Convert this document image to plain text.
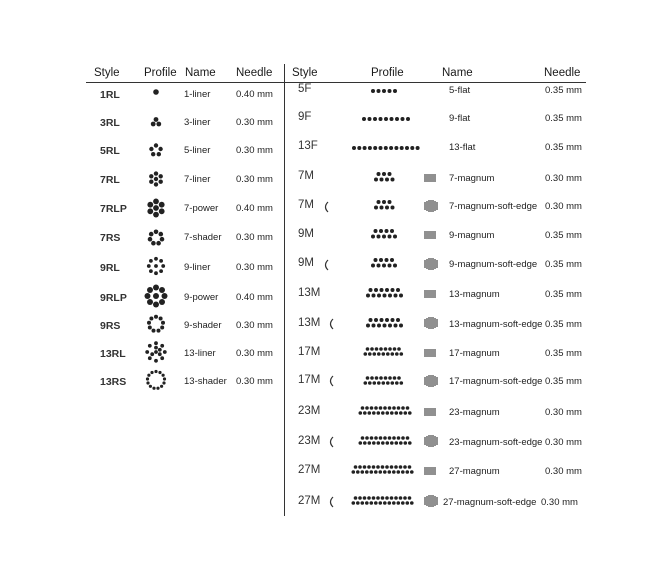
Style Profile Name Needle Style	Profile	Name	Needle
1RL	1-liner	0.40 mm
3RL	3-liner	0.30 mm
5RL	5-liner	0.30 mm
7RL	7-liner	0.30 mm
7RLP	7-power 0.40 mm
7RS	7-shader 0.30 mm
9RL	9-liner	0.30 mm
9RLP	9-power 0.40 mm
9RS	9-shader 0.30 mm
13RL	13-liner 0.30 mm
13RS	13-shader 0.30 mm
5F	5-flat	0.35 mm
9F	9-flat	0.35 mm
13F	13-flat	0.35 mm
7M	7-magnum	0.30 mm
7M	7-magnum-soft-edge 0.30 mm
9M	9-magnum	0.35 mm
9M	9-magnum-soft-edge 0.35 mm
13M	13-magnum	0.35 mm
13M	13-magnum-soft-edge 0.35 mm
17M	17-magnum	0.35 mm
17M	17-magnum-soft-edge 0.35 mm
23M	23-magnum	0.30 mm
23M	23-magnum-soft-edge 0.30 mm
27M	27-magnum	0.30 mm
27M	27-magnum-soft-edge 0.30 mm
